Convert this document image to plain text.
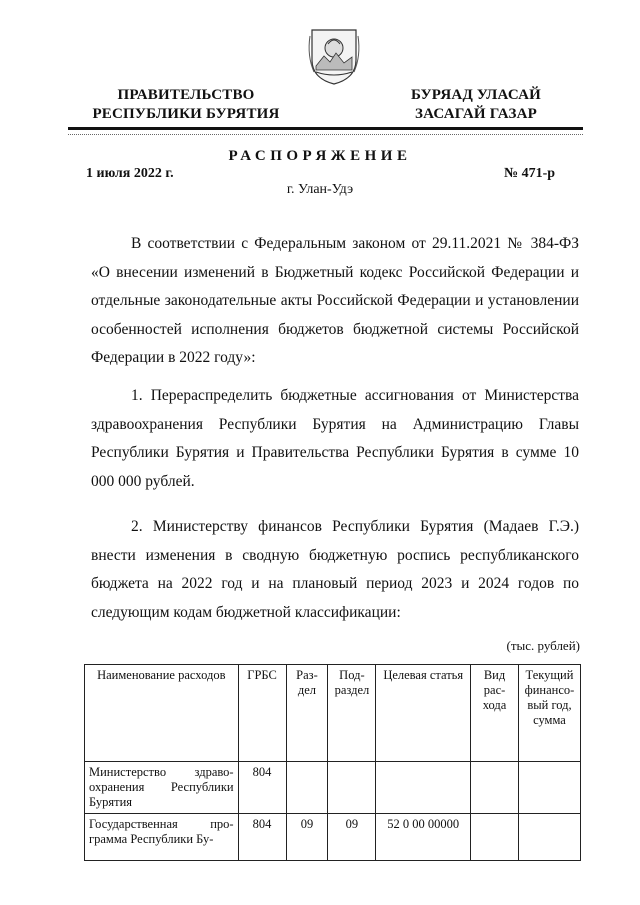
ПРАВИТЕЛЬСТВО
РЕСПУБЛИКИ БУРЯТИЯ
БУРЯАД УЛАСАЙ
ЗАСАГАЙ ГАЗАР
РАСПОРЯЖЕНИЕ
1 июля 2022 г.	№ 471-р
г. Улан-Удэ

В соответствии с Федеральным законом от 29.11.2021 № 384-ФЗ «О внесении изменений в Бюджетный кодекс Российской Федерации и отдельные законодательные акты Российской Федерации и установлении особенностей исполнения бюджетов бюджетной системы Российской Федерации в 2022 году»:

1. Перераспределить бюджетные ассигнования от Министерства здравоохранения Республики Бурятия на Администрацию Главы Республики Бурятия и Правительства Республики Бурятия в сумме 10 000 000 рублей.

2. Министерству финансов Республики Бурятия (Мадаев Г.Э.) внести изменения в сводную бюджетную роспись республиканского бюджета на 2022 год и на плановый период 2023 и 2024 годов по следующим кодам бюджетной классификации:

(тыс. рублей)
Наименование расходов	ГРБС	Раз-дел	Под-раздел	Целевая статья	Вид рас-хода	Текущий финансо-вый год, сумма
Министерство здраво-охранения Республики Бурятия	804					
Государственная про-грамма Республики Бу-	804	09	09	52 0 00 00000		
